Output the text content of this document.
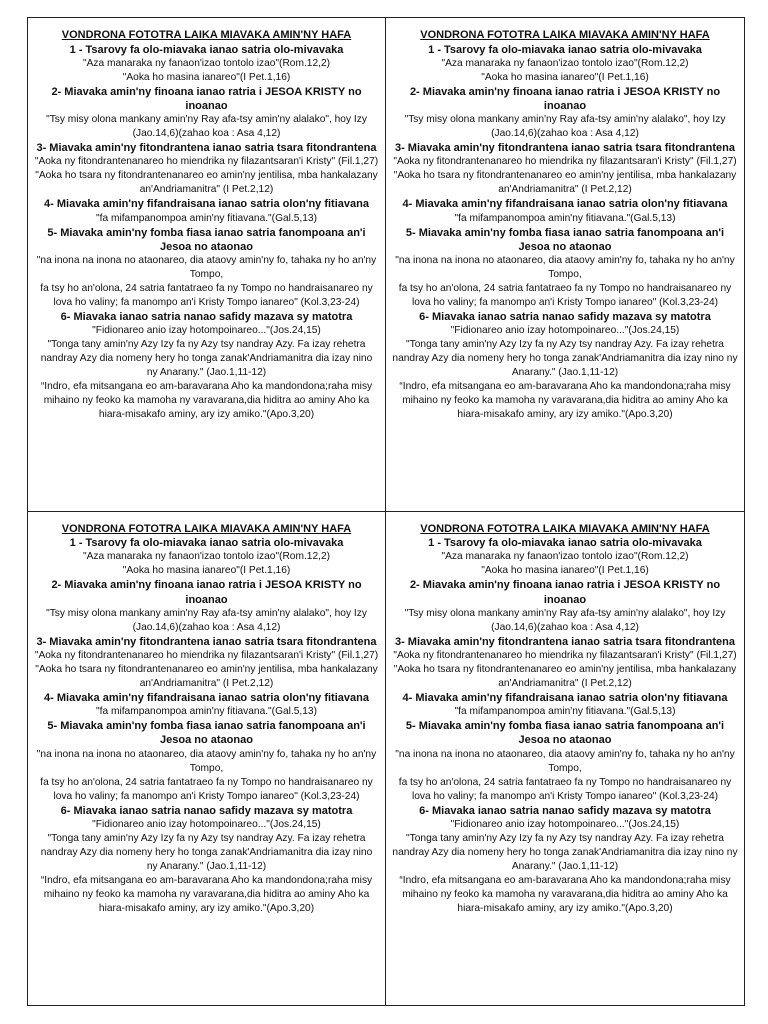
VONDRONA FOTOTRA LAIKA MIAVAKA AMIN'NY HAFA

1 - Tsarovy fa olo-miavaka ianao satria olo-mivavaka

"Aza manaraka ny fanaon'izao tontolo izao"(Rom.12,2)

"Aoka ho masina ianareo"(I Pet.1,16)

2- Miavaka amin'ny finoana ianao ratria i JESOA KRISTY no inoanao

"Tsy misy olona mankany amin'ny Ray afa-tsy amin'ny alalako", hoy Izy (Jao.14,6)(zahao koa : Asa 4,12)

3- Miavaka amin'ny fitondrantena ianao satria tsara fitondrantena

"Aoka ny fitondrantenanareo ho miendrika ny filazantsaran'i Kristy" (Fil.1,27)

"Aoka ho tsara ny fitondrantenanareo eo amin'ny jentilisa, mba hankalazany an'Andriamanitra" (I Pet.2,12)

4- Miavaka amin'ny fifandraisana ianao satria olon'ny fitiavana

"fa mifampanompoa amin'ny fitiavana."(Gal.5,13)

5- Miavaka amin'ny fomba fiasa ianao satria fanompoana an'i Jesoa no ataonao

"na inona na inona no ataonareo, dia ataovy amin'ny fo, tahaka ny ho an'ny Tompo,

fa tsy ho an'olona, 24 satria fantatraeo fa ny Tompo no handraisanareo ny lova ho valiny; fa manompo an'i Kristy Tompo ianareo" (Kol.3,23-24)

6- Miavaka ianao satria nanao safidy mazava sy matotra

"Fidionareo anio izay hotompoinareo..."(Jos.24,15)

"Tonga tany amin'ny Azy Izy fa ny Azy tsy nandray Azy. Fa izay rehetra nandray Azy dia nomeny hery ho tonga zanak'Andriamanitra dia izay nino ny Anarany." (Jao.1,11-12)

“Indro, efa mitsangana eo am-baravarana Aho ka mandondona;raha misy mihaino ny feoko ka mamoha ny varavarana,dia hiditra ao aminy Aho ka hiara-misakafo aminy, ary izy amiko."(Apo.3,20)

VONDRONA FOTOTRA LAIKA MIAVAKA AMIN'NY HAFA

1 - Tsarovy fa olo-miavaka ianao satria olo-mivavaka

"Aza manaraka ny fanaon'izao tontolo izao"(Rom.12,2)

"Aoka ho masina ianareo"(I Pet.1,16)

2- Miavaka amin'ny finoana ianao ratria i JESOA KRISTY no inoanao

"Tsy misy olona mankany amin'ny Ray afa-tsy amin'ny alalako", hoy Izy (Jao.14,6)(zahao koa : Asa 4,12)

3- Miavaka amin'ny fitondrantena ianao satria tsara fitondrantena

"Aoka ny fitondrantenanareo ho miendrika ny filazantsaran'i Kristy" (Fil.1,27)

"Aoka ho tsara ny fitondrantenanareo eo amin'ny jentilisa, mba hankalazany an'Andriamanitra" (I Pet.2,12)

4- Miavaka amin'ny fifandraisana ianao satria olon'ny fitiavana

"fa mifampanompoa amin'ny fitiavana."(Gal.5,13)

5- Miavaka amin'ny fomba fiasa ianao satria fanompoana an'i Jesoa no ataonao

"na inona na inona no ataonareo, dia ataovy amin'ny fo, tahaka ny ho an'ny Tompo,

fa tsy ho an'olona, 24 satria fantatraeo fa ny Tompo no handraisanareo ny lova ho valiny; fa manompo an'i Kristy Tompo ianareo" (Kol.3,23-24)

6- Miavaka ianao satria nanao safidy mazava sy matotra

"Fidionareo anio izay hotompoinareo..."(Jos.24,15)

"Tonga tany amin'ny Azy Izy fa ny Azy tsy nandray Azy. Fa izay rehetra nandray Azy dia nomeny hery ho tonga zanak'Andriamanitra dia izay nino ny Anarany." (Jao.1,11-12)

“Indro, efa mitsangana eo am-baravarana Aho ka mandondona;raha misy mihaino ny feoko ka mamoha ny varavarana,dia hiditra ao aminy Aho ka hiara-misakafo aminy, ary izy amiko."(Apo.3,20)

VONDRONA FOTOTRA LAIKA MIAVAKA AMIN'NY HAFA

1 - Tsarovy fa olo-miavaka ianao satria olo-mivavaka

"Aza manaraka ny fanaon'izao tontolo izao"(Rom.12,2)

"Aoka ho masina ianareo"(I Pet.1,16)

2- Miavaka amin'ny finoana ianao ratria i JESOA KRISTY no inoanao

"Tsy misy olona mankany amin'ny Ray afa-tsy amin'ny alalako", hoy Izy (Jao.14,6)(zahao koa : Asa 4,12)

3- Miavaka amin'ny fitondrantena ianao satria tsara fitondrantena

"Aoka ny fitondrantenanareo ho miendrika ny filazantsaran'i Kristy" (Fil.1,27)

"Aoka ho tsara ny fitondrantenanareo eo amin'ny jentilisa, mba hankalazany an'Andriamanitra" (I Pet.2,12)

4- Miavaka amin'ny fifandraisana ianao satria olon'ny fitiavana

"fa mifampanompoa amin'ny fitiavana."(Gal.5,13)

5- Miavaka amin'ny fomba fiasa ianao satria fanompoana an'i Jesoa no ataonao

"na inona na inona no ataonareo, dia ataovy amin'ny fo, tahaka ny ho an'ny Tompo,

fa tsy ho an'olona, 24 satria fantatraeo fa ny Tompo no handraisanareo ny lova ho valiny; fa manompo an'i Kristy Tompo ianareo" (Kol.3,23-24)

6- Miavaka ianao satria nanao safidy mazava sy matotra

"Fidionareo anio izay hotompoinareo..."(Jos.24,15)

"Tonga tany amin'ny Azy Izy fa ny Azy tsy nandray Azy. Fa izay rehetra nandray Azy dia nomeny hery ho tonga zanak'Andriamanitra dia izay nino ny Anarany." (Jao.1,11-12)

“Indro, efa mitsangana eo am-baravarana Aho ka mandondona;raha misy mihaino ny feoko ka mamoha ny varavarana,dia hiditra ao aminy Aho ka hiara-misakafo aminy, ary izy amiko."(Apo.3,20)

VONDRONA FOTOTRA LAIKA MIAVAKA AMIN'NY HAFA

1 - Tsarovy fa olo-miavaka ianao satria olo-mivavaka

"Aza manaraka ny fanaon'izao tontolo izao"(Rom.12,2)

"Aoka ho masina ianareo"(I Pet.1,16)

2- Miavaka amin'ny finoana ianao ratria i JESOA KRISTY no inoanao

"Tsy misy olona mankany amin'ny Ray afa-tsy amin'ny alalako", hoy Izy (Jao.14,6)(zahao koa : Asa 4,12)

3- Miavaka amin'ny fitondrantena ianao satria tsara fitondrantena

"Aoka ny fitondrantenanareo ho miendrika ny filazantsaran'i Kristy" (Fil.1,27)

"Aoka ho tsara ny fitondrantenanareo eo amin'ny jentilisa, mba hankalazany an'Andriamanitra" (I Pet.2,12)

4- Miavaka amin'ny fifandraisana ianao satria olon'ny fitiavana

"fa mifampanompoa amin'ny fitiavana."(Gal.5,13)

5- Miavaka amin'ny fomba fiasa ianao satria fanompoana an'i Jesoa no ataonao

"na inona na inona no ataonareo, dia ataovy amin'ny fo, tahaka ny ho an'ny Tompo,

fa tsy ho an'olona, 24 satria fantatraeo fa ny Tompo no handraisanareo ny lova ho valiny; fa manompo an'i Kristy Tompo ianareo" (Kol.3,23-24)

6- Miavaka ianao satria nanao safidy mazava sy matotra

"Fidionareo anio izay hotompoinareo..."(Jos.24,15)

"Tonga tany amin'ny Azy Izy fa ny Azy tsy nandray Azy. Fa izay rehetra nandray Azy dia nomeny hery ho tonga zanak'Andriamanitra dia izay nino ny Anarany." (Jao.1,11-12)

“Indro, efa mitsangana eo am-baravarana Aho ka mandondona;raha misy mihaino ny feoko ka mamoha ny varavarana,dia hiditra ao aminy Aho ka hiara-misakafo aminy, ary izy amiko."(Apo.3,20)
